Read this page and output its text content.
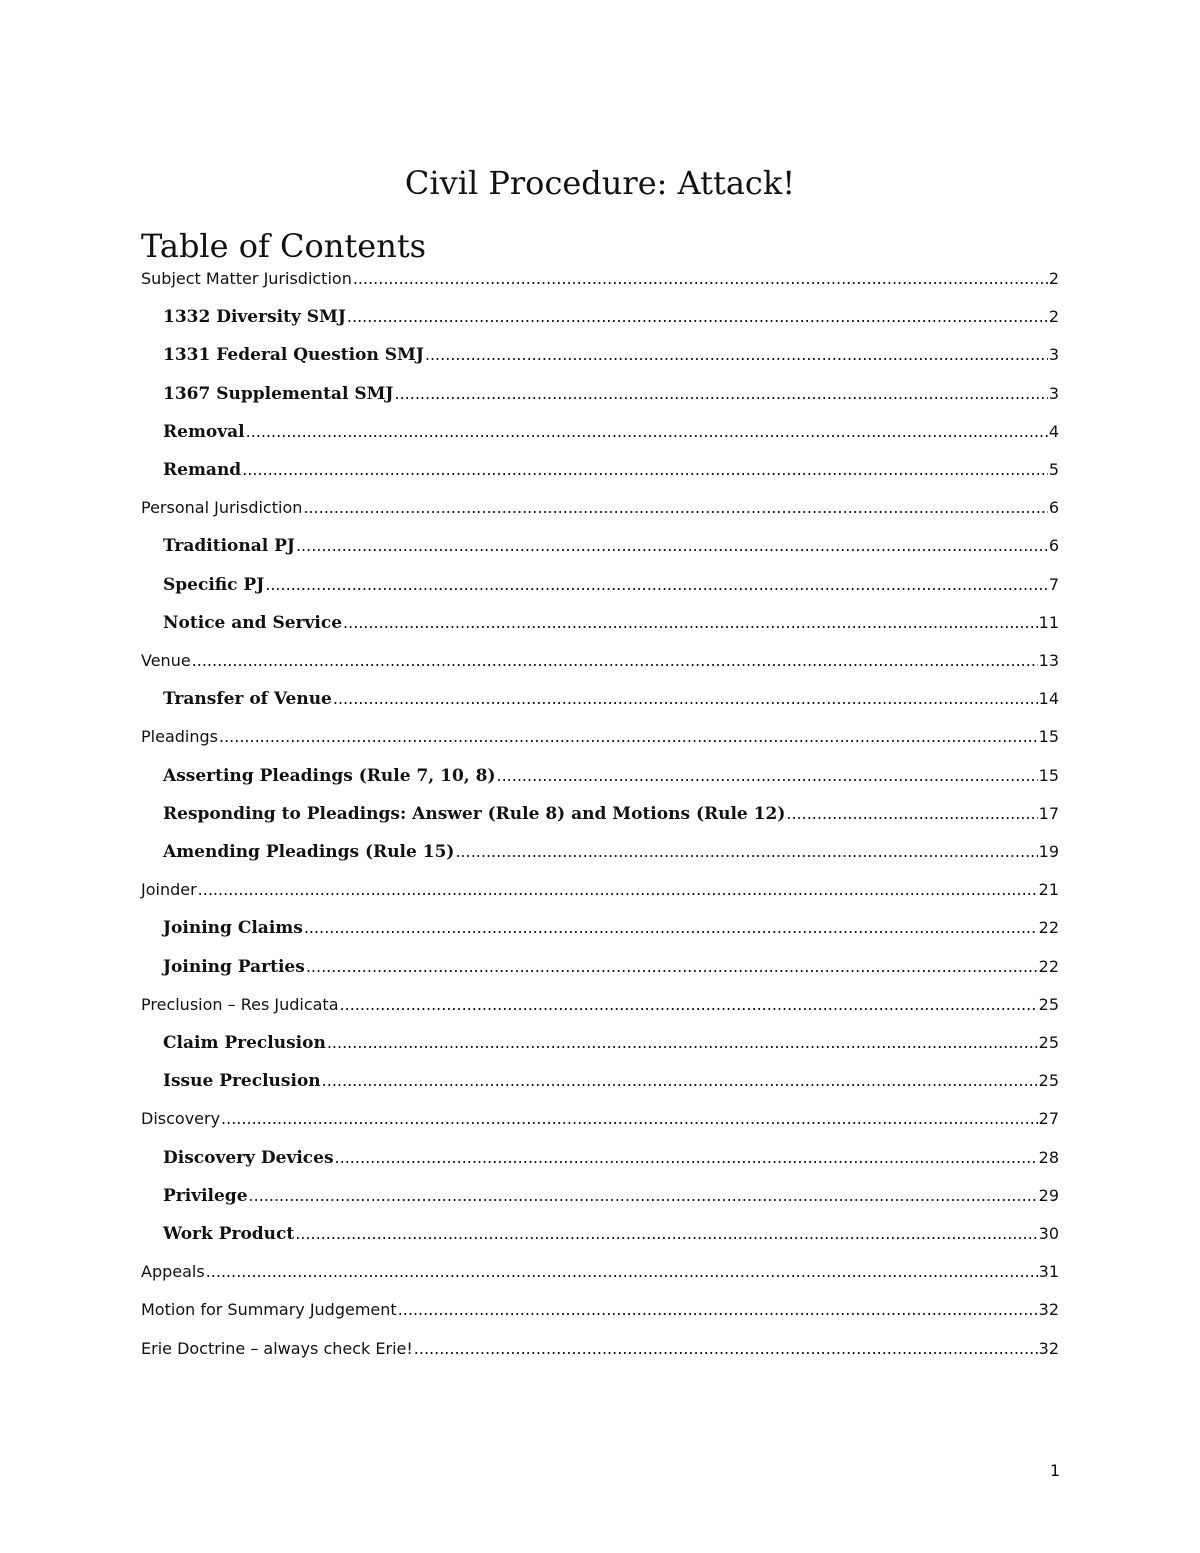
Civil Procedure: Attack!
Table of Contents
Subject Matter Jurisdiction .....	2
1332 Diversity SMJ .....	2
1331 Federal Question SMJ .....	3
1367 Supplemental SMJ .....	3
Removal .....	4
Remand .....	5
Personal Jurisdiction .....	6
Traditional PJ .....	6
Specific PJ .....	7
Notice and Service .....	11
Venue .....	13
Transfer of Venue .....	14
Pleadings .....	15
Asserting Pleadings (Rule 7, 10, 8) .....	15
Responding to Pleadings: Answer (Rule 8) and Motions (Rule 12) .....	17
Amending Pleadings (Rule 15) .....	19
Joinder .....	21
Joining Claims .....	22
Joining Parties .....	22
Preclusion – Res Judicata .....	25
Claim Preclusion .....	25
Issue Preclusion .....	25
Discovery .....	27
Discovery Devices .....	28
Privilege .....	29
Work Product .....	30
Appeals .....	31
Motion for Summary Judgement .....	32
Erie Doctrine – always check Erie! .....	32
1
